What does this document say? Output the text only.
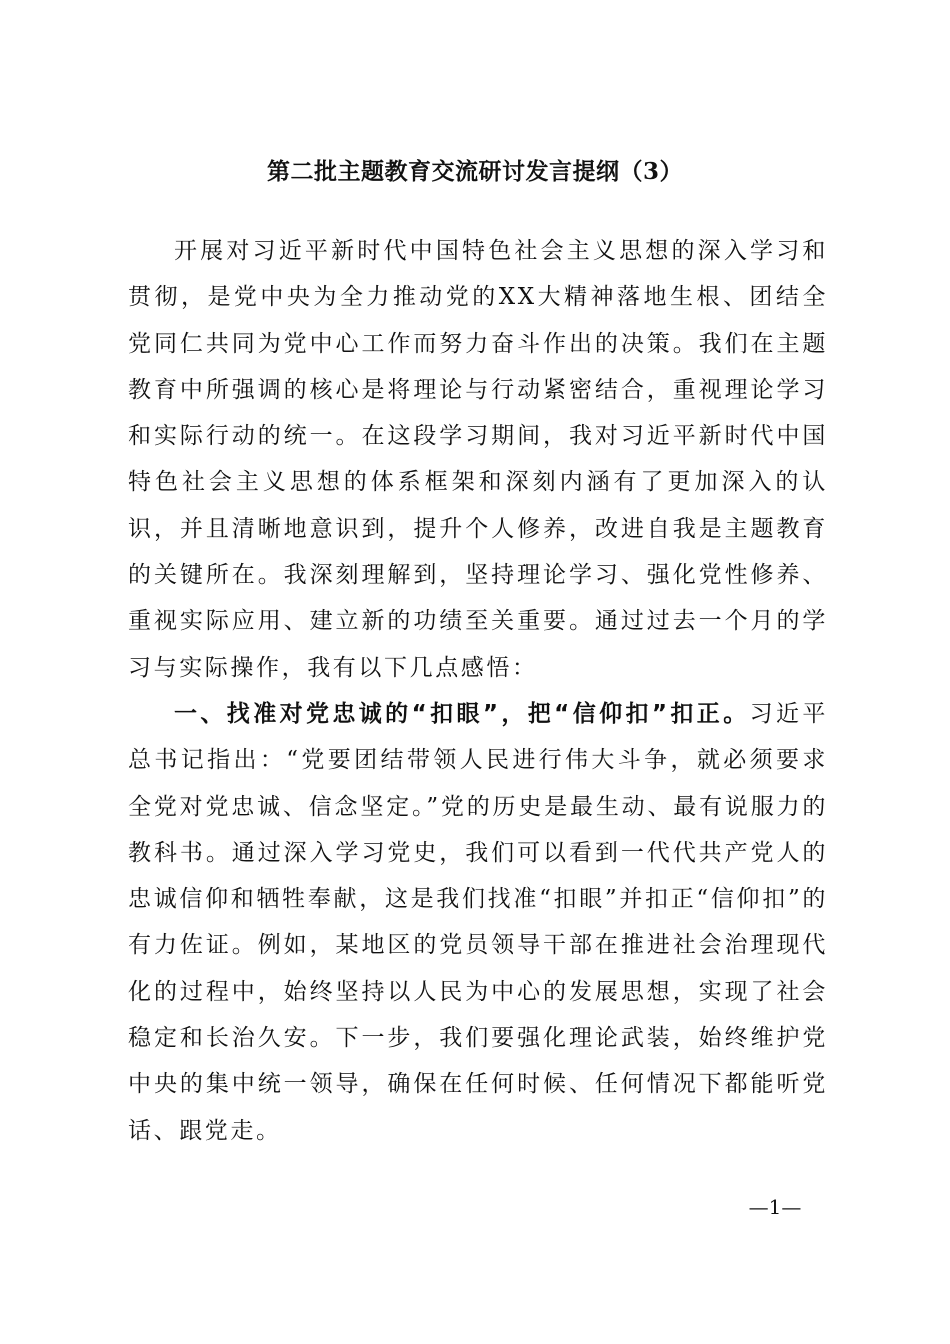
第二批主题教育交流研讨发言提纲（3）

开展对习近平新时代中国特色社会主义思想的深入学习和贯彻，是党中央为全力推动党的XX大精神落地生根、团结全党同仁共同为党中心工作而努力奋斗作出的决策。我们在主题教育中所强调的核心是将理论与行动紧密结合，重视理论学习和实际行动的统一。在这段学习期间，我对习近平新时代中国特色社会主义思想的体系框架和深刻内涵有了更加深入的认识，并且清晰地意识到，提升个人修养，改进自我是主题教育的关键所在。我深刻理解到，坚持理论学习、强化党性修养、重视实际应用、建立新的功绩至关重要。通过过去一个月的学习与实际操作，我有以下几点感悟：

一、找准对党忠诚的“扣眼”，把“信仰扣”扣正。习近平总书记指出：“党要团结带领人民进行伟大斗争，就必须要求全党对党忠诚、信念坚定。”党的历史是最生动、最有说服力的教科书。通过深入学习党史，我们可以看到一代代共产党人的忠诚信仰和牺牲奉献，这是我们找准“扣眼”并扣正“信仰扣”的有力佐证。例如，某地区的党员领导干部在推进社会治理现代化的过程中，始终坚持以人民为中心的发展思想，实现了社会稳定和长治久安。下一步，我们要强化理论武装，始终维护党中央的集中统一领导，确保在任何时候、任何情况下都能听党话、跟党走。

—1—
